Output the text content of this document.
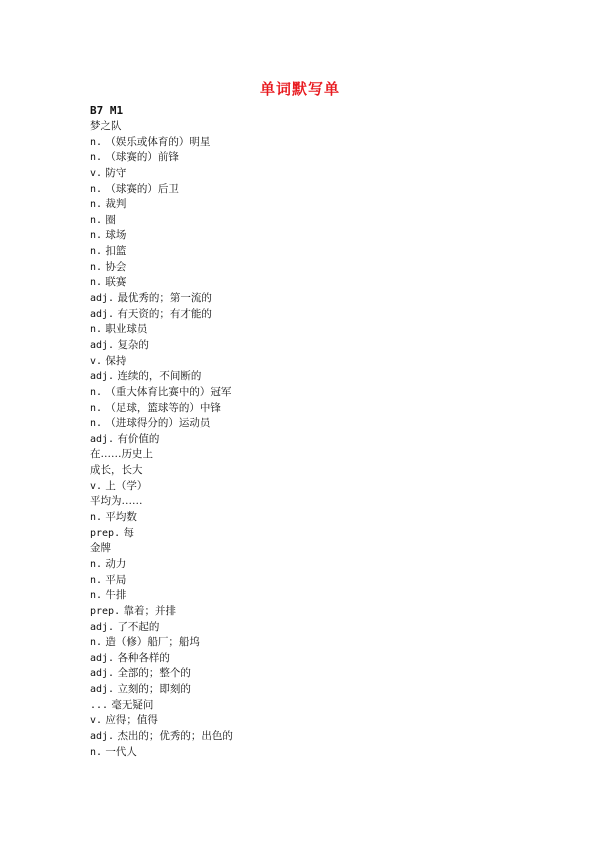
单词默写单
B7 M1
梦之队
n. （娱乐或体育的）明星
n. （球赛的）前锋
v. 防守
n. （球赛的）后卫
n. 裁判
n. 圈
n. 球场
n. 扣篮
n. 协会
n. 联赛
adj. 最优秀的；第一流的
adj. 有天资的；有才能的
n. 职业球员
adj. 复杂的
v. 保持
adj. 连续的，不间断的
n. （重大体育比赛中的）冠军
n. （足球，篮球等的）中锋
n. （进球得分的）运动员
adj. 有价值的
在……历史上
成长，长大
v. 上（学）
平均为……
n. 平均数
prep. 每
金牌
n. 动力
n. 平局
n. 牛排
prep. 靠着；并排
adj. 了不起的
n. 造（修）船厂；船坞
adj. 各种各样的
adj. 全部的；整个的
adj. 立刻的；即刻的
... 毫无疑问
v. 应得；值得
adj. 杰出的；优秀的；出色的
n. 一代人
